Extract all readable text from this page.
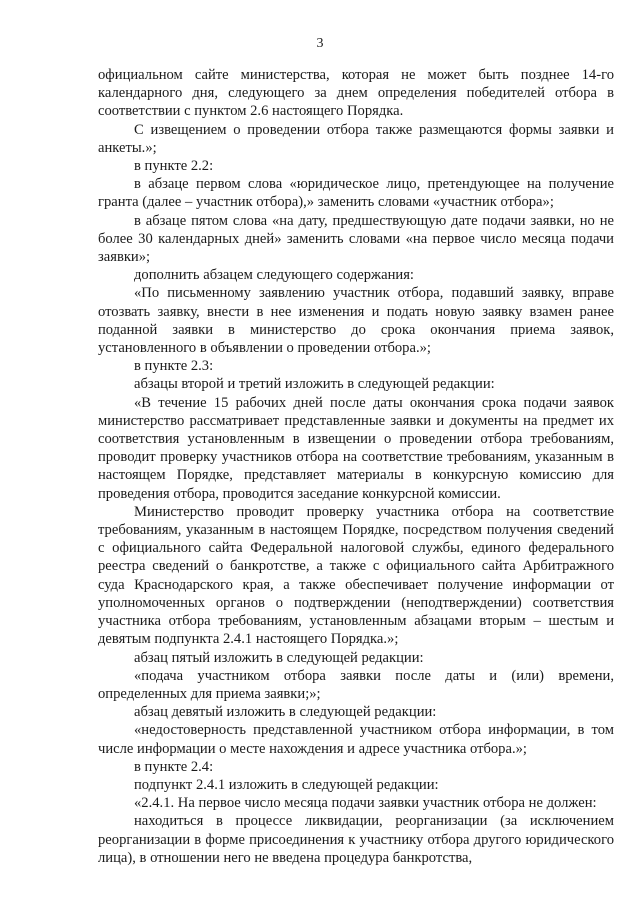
3

официальном сайте министерства, которая не может быть позднее 14-го календарного дня, следующего за днем определения победителей отбора в соответствии с пунктом 2.6 настоящего Порядка.

С извещением о проведении отбора также размещаются формы заявки и анкеты.»;

в пункте 2.2:

в абзаце первом слова «юридическое лицо, претендующее на получение гранта (далее – участник отбора),» заменить словами «участник отбора»;

в абзаце пятом слова «на дату, предшествующую дате подачи заявки, но не более 30 календарных дней» заменить словами «на первое число месяца подачи заявки»;

дополнить абзацем следующего содержания:

«По письменному заявлению участник отбора, подавший заявку, вправе отозвать заявку, внести в нее изменения и подать новую заявку взамен ранее поданной заявки в министерство до срока окончания приема заявок, установленного в объявлении о проведении отбора.»;

в пункте 2.3:

абзацы второй и третий изложить в следующей редакции:

«В течение 15 рабочих дней после даты окончания срока подачи заявок министерство рассматривает представленные заявки и документы на предмет их соответствия установленным в извещении о проведении отбора требованиям, проводит проверку участников отбора на соответствие требованиям, указанным в настоящем Порядке, представляет материалы в конкурсную комиссию для проведения отбора, проводится заседание конкурсной комиссии.

Министерство проводит проверку участника отбора на соответствие требованиям, указанным в настоящем Порядке, посредством получения сведений с официального сайта Федеральной налоговой службы, единого федерального реестра сведений о банкротстве, а также с официального сайта Арбитражного суда Краснодарского края, а также обеспечивает получение информации от уполномоченных органов о подтверждении (неподтверждении) соответствия участника отбора требованиям, установленным абзацами вторым – шестым и девятым подпункта 2.4.1 настоящего Порядка.»;

абзац пятый изложить в следующей редакции:

«подача участником отбора заявки после даты и (или) времени, определенных для приема заявки;»;

абзац девятый изложить в следующей редакции:

«недостоверность представленной участником отбора информации, в том числе информации о месте нахождения и адресе участника отбора.»;

в пункте 2.4:

подпункт 2.4.1 изложить в следующей редакции:

«2.4.1. На первое число месяца подачи заявки участник отбора не должен:

находиться в процессе ликвидации, реорганизации (за исключением реорганизации в форме присоединения к участнику отбора другого юридического лица), в отношении него не введена процедура банкротства,
